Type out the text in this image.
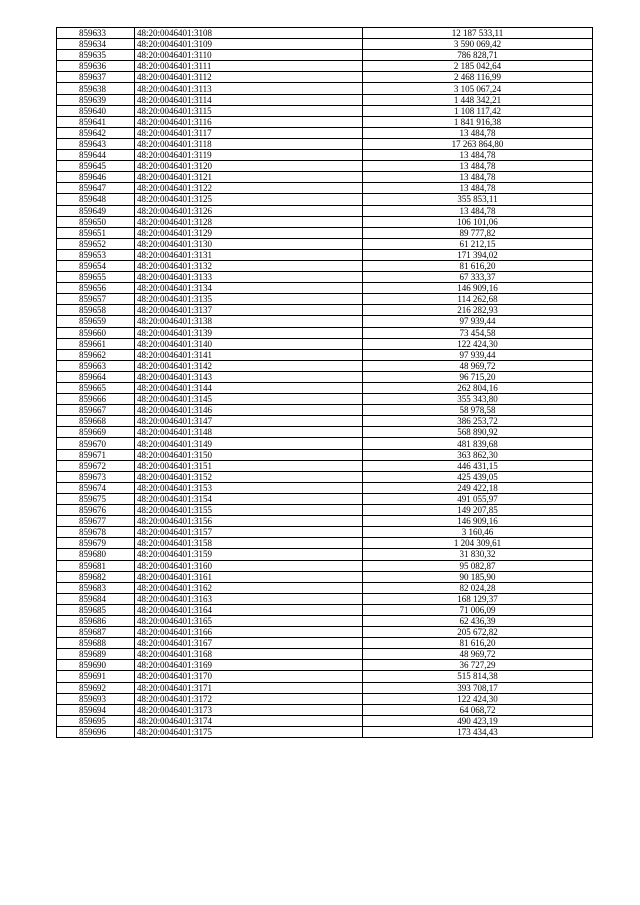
859633	48:20:0046401:3108	12 187 533,11
859634	48:20:0046401:3109	3 590 069,42
859635	48:20:0046401:3110	786 828,71
859636	48:20:0046401:3111	2 185 042,64
859637	48:20:0046401:3112	2 468 116,99
859638	48:20:0046401:3113	3 105 067,24
859639	48:20:0046401:3114	1 448 342,21
859640	48:20:0046401:3115	1 108 117,42
859641	48:20:0046401:3116	1 841 916,38
859642	48:20:0046401:3117	13 484,78
859643	48:20:0046401:3118	17 263 864,80
859644	48:20:0046401:3119	13 484,78
859645	48:20:0046401:3120	13 484,78
859646	48:20:0046401:3121	13 484,78
859647	48:20:0046401:3122	13 484,78
859648	48:20:0046401:3125	355 853,11
859649	48:20:0046401:3126	13 484,78
859650	48:20:0046401:3128	106 101,06
859651	48:20:0046401:3129	89 777,82
859652	48:20:0046401:3130	61 212,15
859653	48:20:0046401:3131	171 394,02
859654	48:20:0046401:3132	81 616,20
859655	48:20:0046401:3133	67 333,37
859656	48:20:0046401:3134	146 909,16
859657	48:20:0046401:3135	114 262,68
859658	48:20:0046401:3137	216 282,93
859659	48:20:0046401:3138	97 939,44
859660	48:20:0046401:3139	73 454,58
859661	48:20:0046401:3140	122 424,30
859662	48:20:0046401:3141	97 939,44
859663	48:20:0046401:3142	48 969,72
859664	48:20:0046401:3143	96 715,20
859665	48:20:0046401:3144	262 804,16
859666	48:20:0046401:3145	355 343,80
859667	48:20:0046401:3146	58 978,58
859668	48:20:0046401:3147	386 253,72
859669	48:20:0046401:3148	568 890,92
859670	48:20:0046401:3149	481 839,68
859671	48:20:0046401:3150	363 862,30
859672	48:20:0046401:3151	446 431,15
859673	48:20:0046401:3152	425 439,05
859674	48:20:0046401:3153	249 422,18
859675	48:20:0046401:3154	491 055,97
859676	48:20:0046401:3155	149 207,85
859677	48:20:0046401:3156	146 909,16
859678	48:20:0046401:3157	3 160,46
859679	48:20:0046401:3158	1 204 309,61
859680	48:20:0046401:3159	31 830,32
859681	48:20:0046401:3160	95 082,87
859682	48:20:0046401:3161	90 185,90
859683	48:20:0046401:3162	82 024,28
859684	48:20:0046401:3163	168 129,37
859685	48:20:0046401:3164	71 006,09
859686	48:20:0046401:3165	62 436,39
859687	48:20:0046401:3166	205 672,82
859688	48:20:0046401:3167	81 616,20
859689	48:20:0046401:3168	48 969,72
859690	48:20:0046401:3169	36 727,29
859691	48:20:0046401:3170	515 814,38
859692	48:20:0046401:3171	393 708,17
859693	48:20:0046401:3172	122 424,30
859694	48:20:0046401:3173	64 068,72
859695	48:20:0046401:3174	490 423,19
859696	48:20:0046401:3175	173 434,43
